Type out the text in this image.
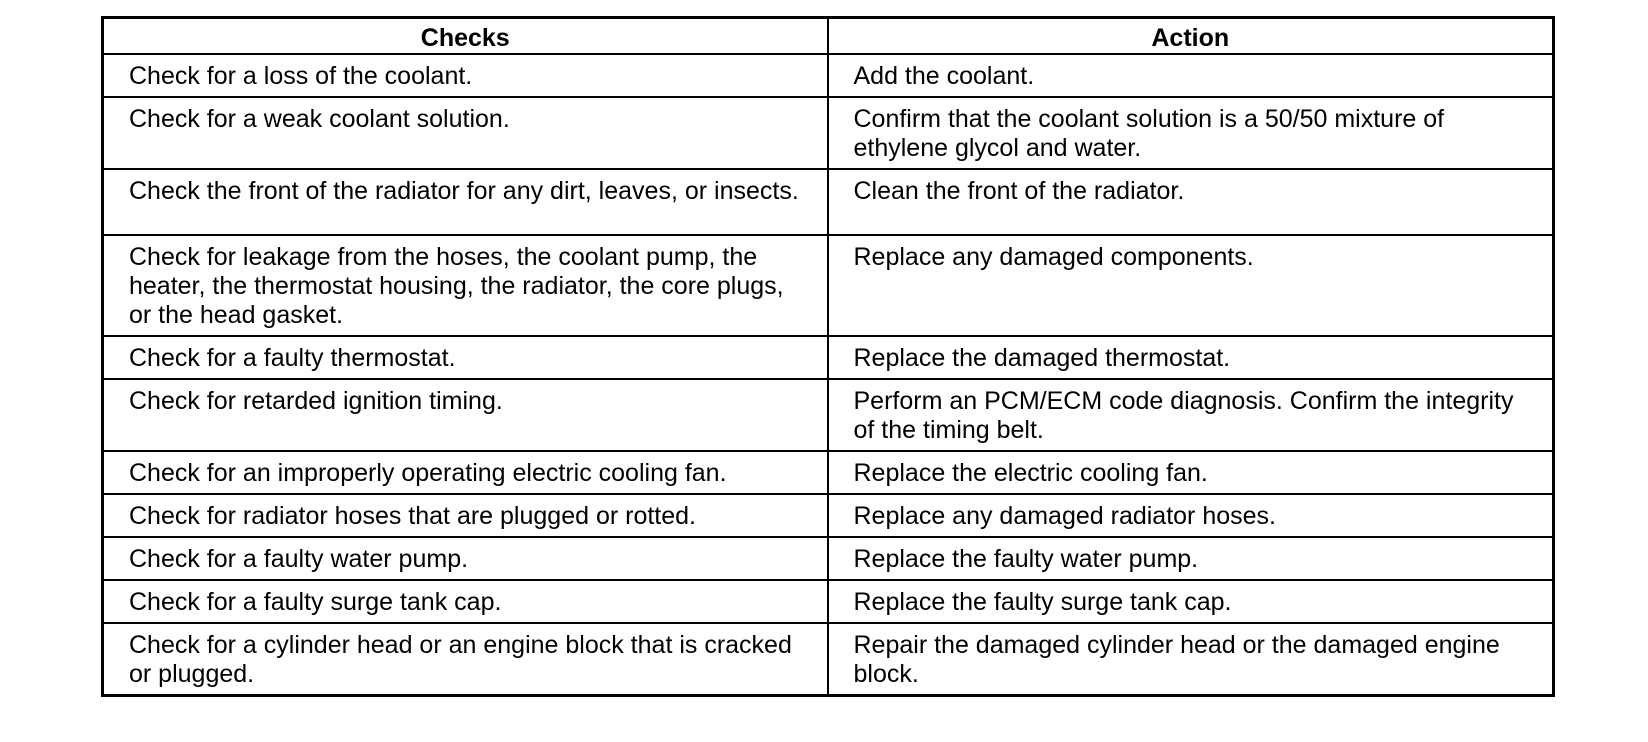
Checks	Action
Check for a loss of the coolant.	Add the coolant.
Check for a weak coolant solution.	Confirm that the coolant solution is a 50/50 mixture of ethylene glycol and water.
Check the front of the radiator for any dirt, leaves, or insects.	Clean the front of the radiator.
Check for leakage from the hoses, the coolant pump, the heater, the thermostat housing, the radiator, the core plugs, or the head gasket.	Replace any damaged components.
Check for a faulty thermostat.	Replace the damaged thermostat.
Check for retarded ignition timing.	Perform an PCM/ECM code diagnosis. Confirm the integrity of the timing belt.
Check for an improperly operating electric cooling fan.	Replace the electric cooling fan.
Check for radiator hoses that are plugged or rotted.	Replace any damaged radiator hoses.
Check for a faulty water pump.	Replace the faulty water pump.
Check for a faulty surge tank cap.	Replace the faulty surge tank cap.
Check for a cylinder head or an engine block that is cracked or plugged.	Repair the damaged cylinder head or the damaged engine block.
